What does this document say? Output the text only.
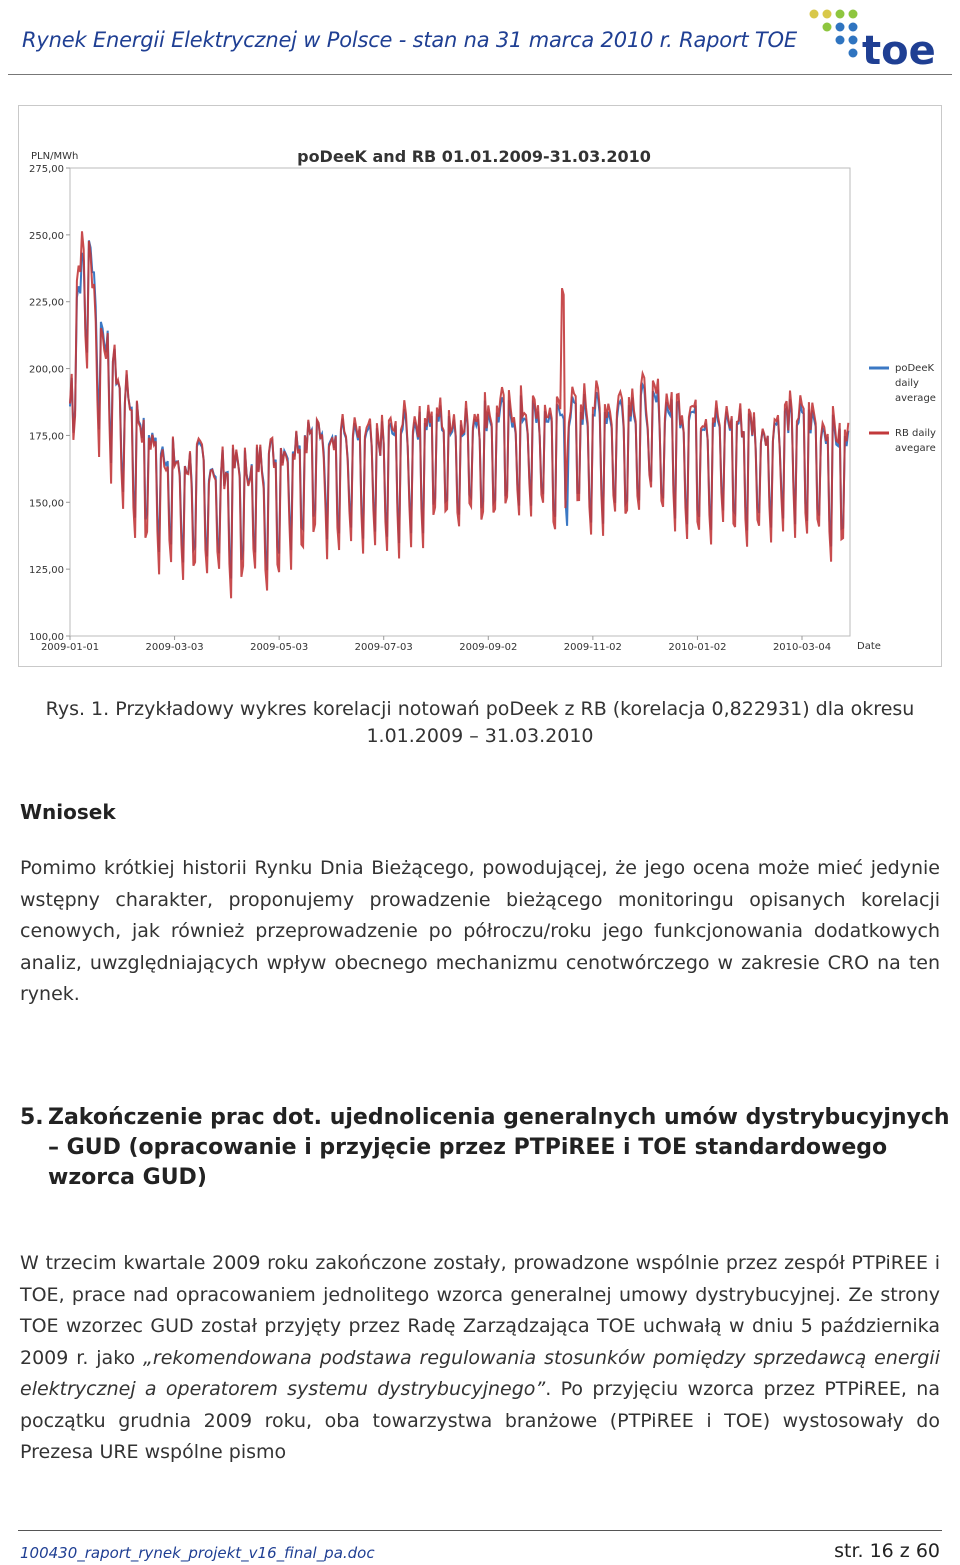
Rynek Energii Elektrycznej w Polsce - stan na 31 marca 2010 r. Raport TOE toe
PLN/MWh	poDeeK and RB 01.01.2009-31.03.2010
100,00
125,00
150,00
175,00
200,00
225,00
250,00
275,00
2009-01-01	2009-03-03	2009-05-03	2009-07-03	2009-09-02	2009-11-02	2010-01-02	2010-03-04
poDeeK
daily
average
RB daily
avegare
Date
Rys. 1. Przykładowy wykres korelacji notowań poDeek z RB (korelacja 0,822931) dla okresu
1.01.2009 – 31.03.2010
Wniosek
Pomimo krótkiej historii Rynku Dnia Bieżącego, powodującej, że jego ocena może mieć jedynie wstępny charakter, proponujemy prowadzenie bieżącego monitoringu opisanych korelacji cenowych, jak również przeprowadzenie po półroczu/roku jego funkcjonowania dodatkowych analiz, uwzględniających wpływ obecnego mechanizmu cenotwórczego w zakresie CRO na ten rynek.
5. Zakończenie prac dot. ujednolicenia generalnych umów dystrybucyjnych – GUD (opracowanie i przyjęcie przez PTPiREE i TOE standardowego wzorca GUD)
W trzecim kwartale 2009 roku zakończone zostały, prowadzone wspólnie przez zespół PTPiREE i TOE, prace nad opracowaniem jednolitego wzorca generalnej umowy dystrybucyjnej. Ze strony TOE wzorzec GUD został przyjęty przez Radę Zarządzająca TOE uchwałą w dniu 5 października 2009 r. jako „rekomendowana podstawa regulowania stosunków pomiędzy sprzedawcą energii elektrycznej a operatorem systemu dystrybucyjnego”. Po przyjęciu wzorca przez PTPiREE, na początku grudnia 2009 roku, oba towarzystwa branżowe (PTPiREE i TOE) wystosowały do Prezesa URE wspólne pismo
100430_raport_rynek_projekt_v16_final_pa.doc	str. 16 z 60
